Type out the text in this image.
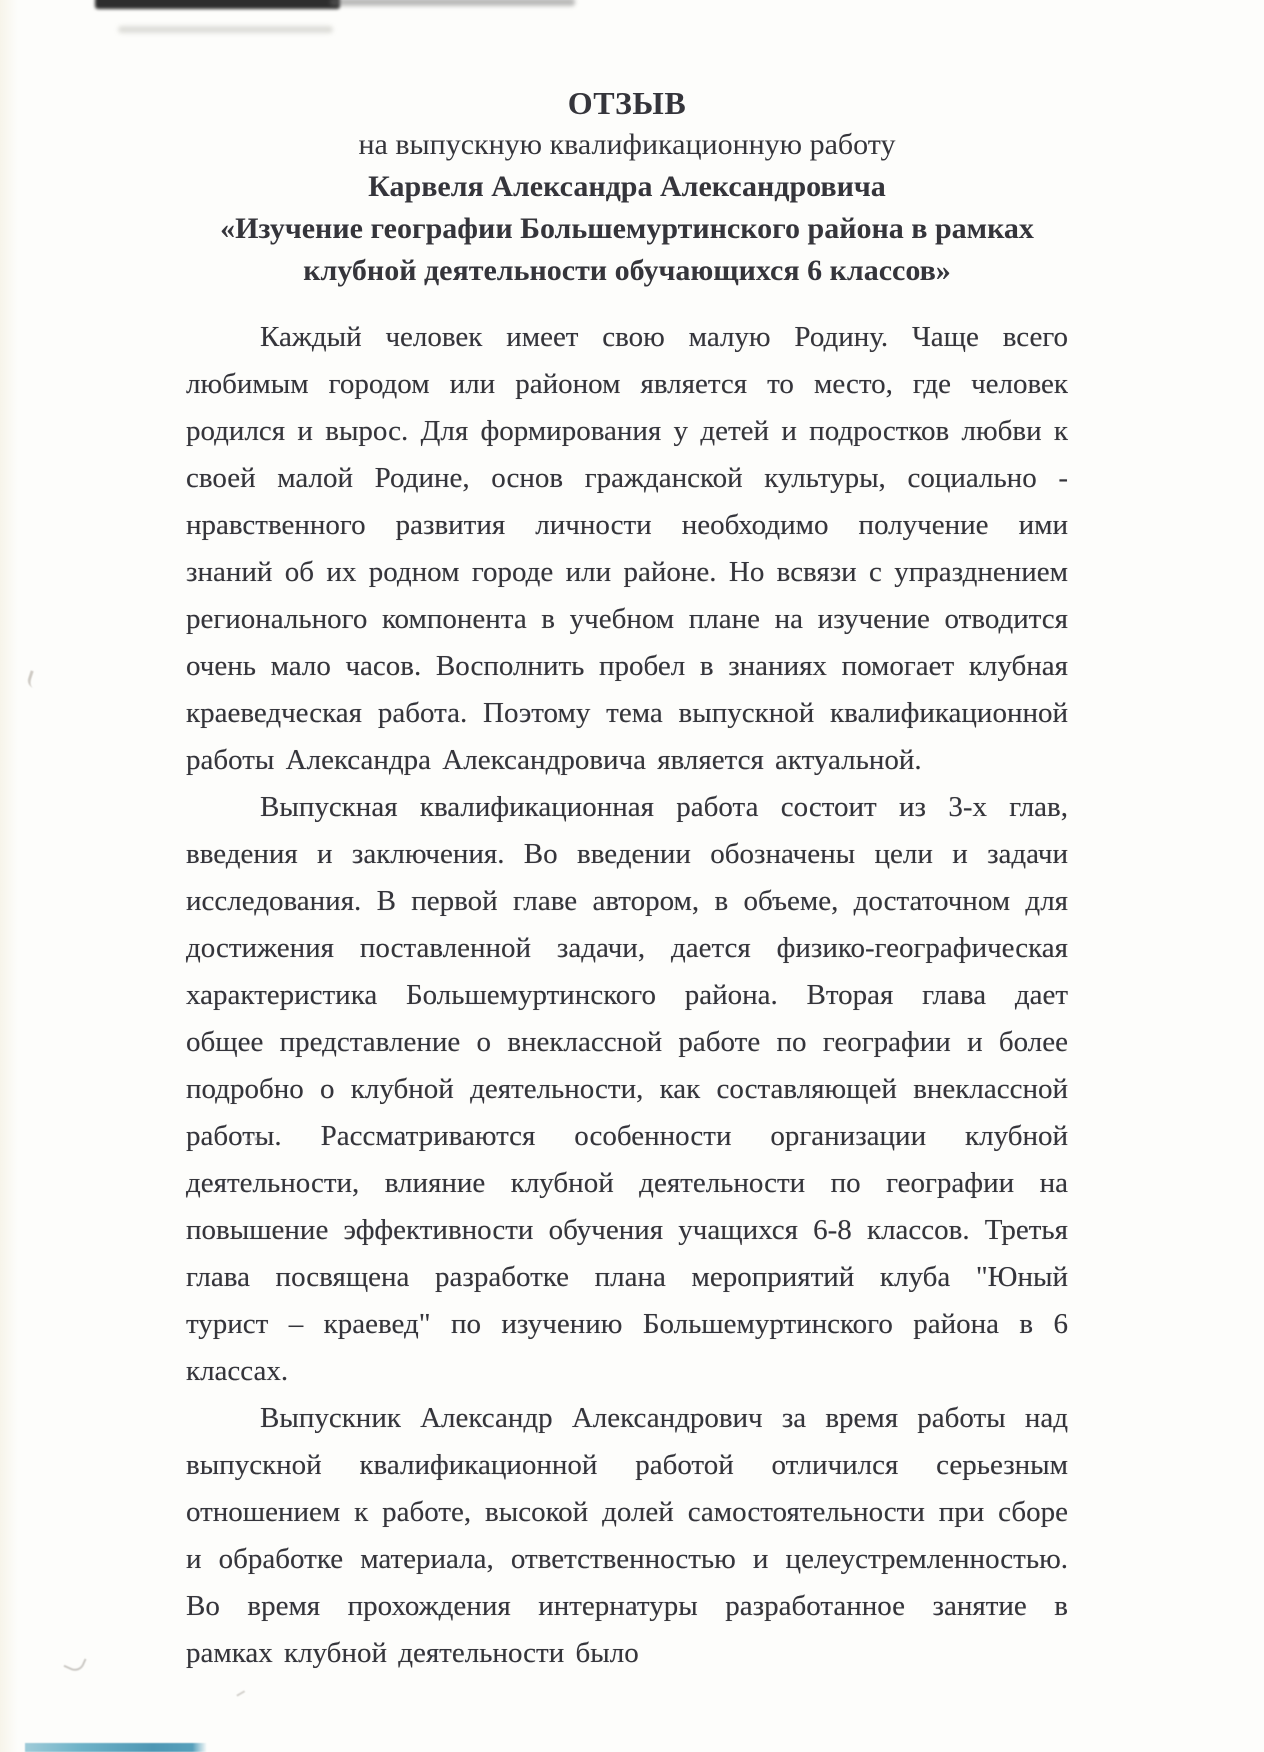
ОТЗЫВ
на выпускную квалификационную работу
Карвеля Александра Александровича
«Изучение географии Большемуртинского района в рамках клубной деятельности обучающихся 6 классов»

Каждый человек имеет свою малую Родину. Чаще всего любимым городом или районом является то место, где человек родился и вырос. Для формирования у детей и подростков любви к своей малой Родине, основ гражданской культуры, социально - нравственного развития личности необходимо получение ими знаний об их родном городе или районе. Но всвязи с упразднением регионального компонента в учебном плане на изучение отводится очень мало часов. Восполнить пробел в знаниях помогает клубная краеведческая работа. Поэтому тема выпускной квалификационной работы Александра Александровича является актуальной.

Выпускная квалификационная работа состоит из 3-х глав, введения и заключения. Во введении обозначены цели и задачи исследования. В первой главе автором, в объеме, достаточном для достижения поставленной задачи, дается физико-географическая характеристика Большемуртинского района. Вторая глава дает общее представление о внеклассной работе по географии и более подробно о клубной деятельности, как составляющей внеклассной работы. Рассматриваются особенности организации клубной деятельности, влияние клубной деятельности по географии на повышение эффективности обучения учащихся 6-8 классов. Третья глава посвящена разработке плана мероприятий клуба "Юный турист – краевед" по изучению Большемуртинского района в 6 классах.

Выпускник Александр Александрович за время работы над выпускной квалификационной работой отличился серьезным отношением к работе, высокой долей самостоятельности при сборе и обработке материала, ответственностью и целеустремленностью. Во время прохождения интернатуры разработанное занятие в рамках клубной деятельности было
